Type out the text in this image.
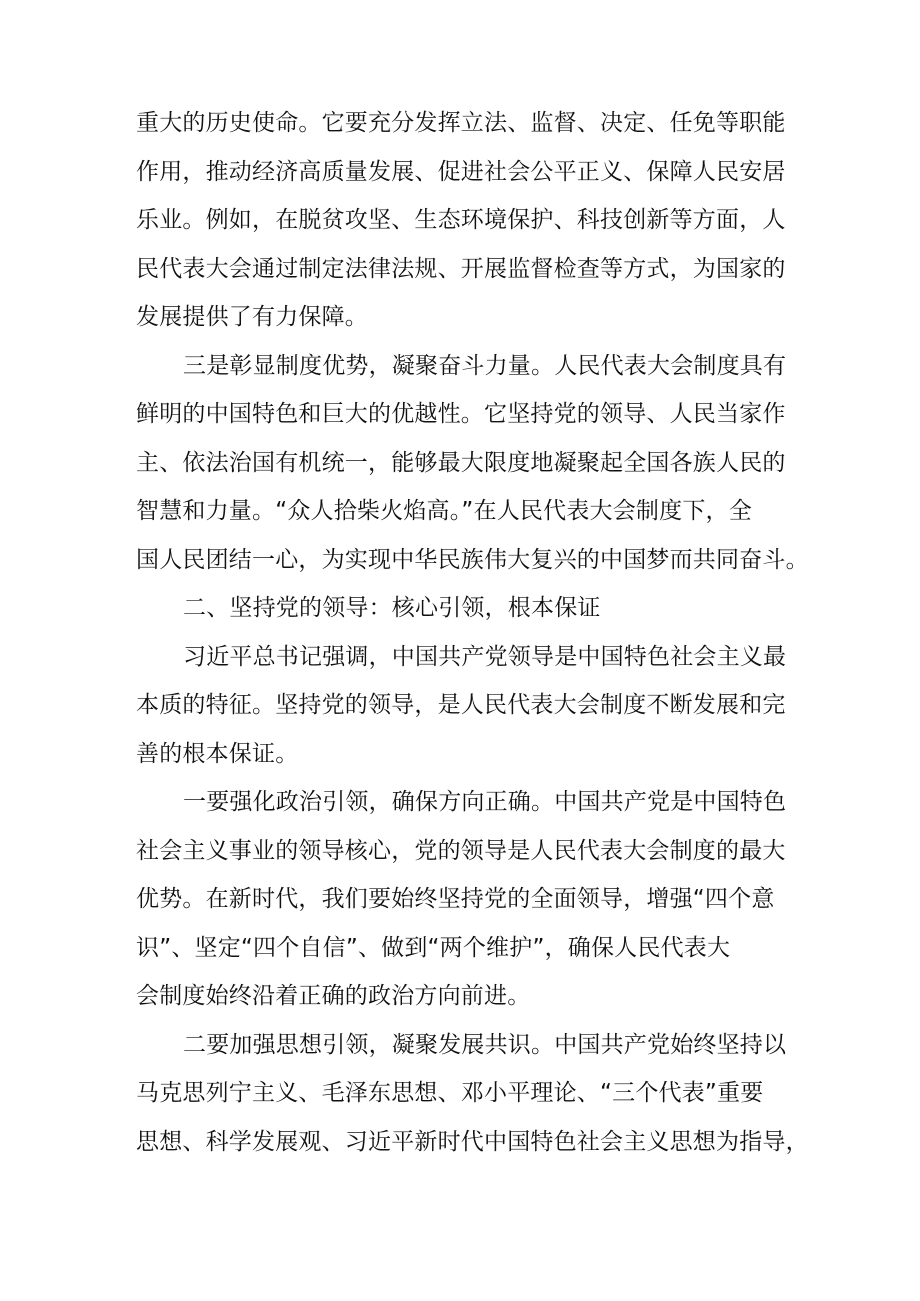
重大的历史使命。它要充分发挥立法、监督、决定、任免等职能
作用，推动经济高质量发展、促进社会公平正义、保障人民安居
乐业。例如，在脱贫攻坚、生态环境保护、科技创新等方面，人
民代表大会通过制定法律法规、开展监督检查等方式，为国家的
发展提供了有力保障。

三是彰显制度优势，凝聚奋斗力量。人民代表大会制度具有
鲜明的中国特色和巨大的优越性。它坚持党的领导、人民当家作
主、依法治国有机统一，能够最大限度地凝聚起全国各族人民的
智慧和力量。“众人拾柴火焰高。”在人民代表大会制度下，全
国人民团结一心，为实现中华民族伟大复兴的中国梦而共同奋斗。

二、坚持党的领导：核心引领，根本保证

习近平总书记强调，中国共产党领导是中国特色社会主义最
本质的特征。坚持党的领导，是人民代表大会制度不断发展和完
善的根本保证。

一要强化政治引领，确保方向正确。中国共产党是中国特色
社会主义事业的领导核心，党的领导是人民代表大会制度的最大
优势。在新时代，我们要始终坚持党的全面领导，增强“四个意
识”、坚定“四个自信”、做到“两个维护”，确保人民代表大
会制度始终沿着正确的政治方向前进。

二要加强思想引领，凝聚发展共识。中国共产党始终坚持以
马克思列宁主义、毛泽东思想、邓小平理论、“三个代表”重要
思想、科学发展观、习近平新时代中国特色社会主义思想为指导，
